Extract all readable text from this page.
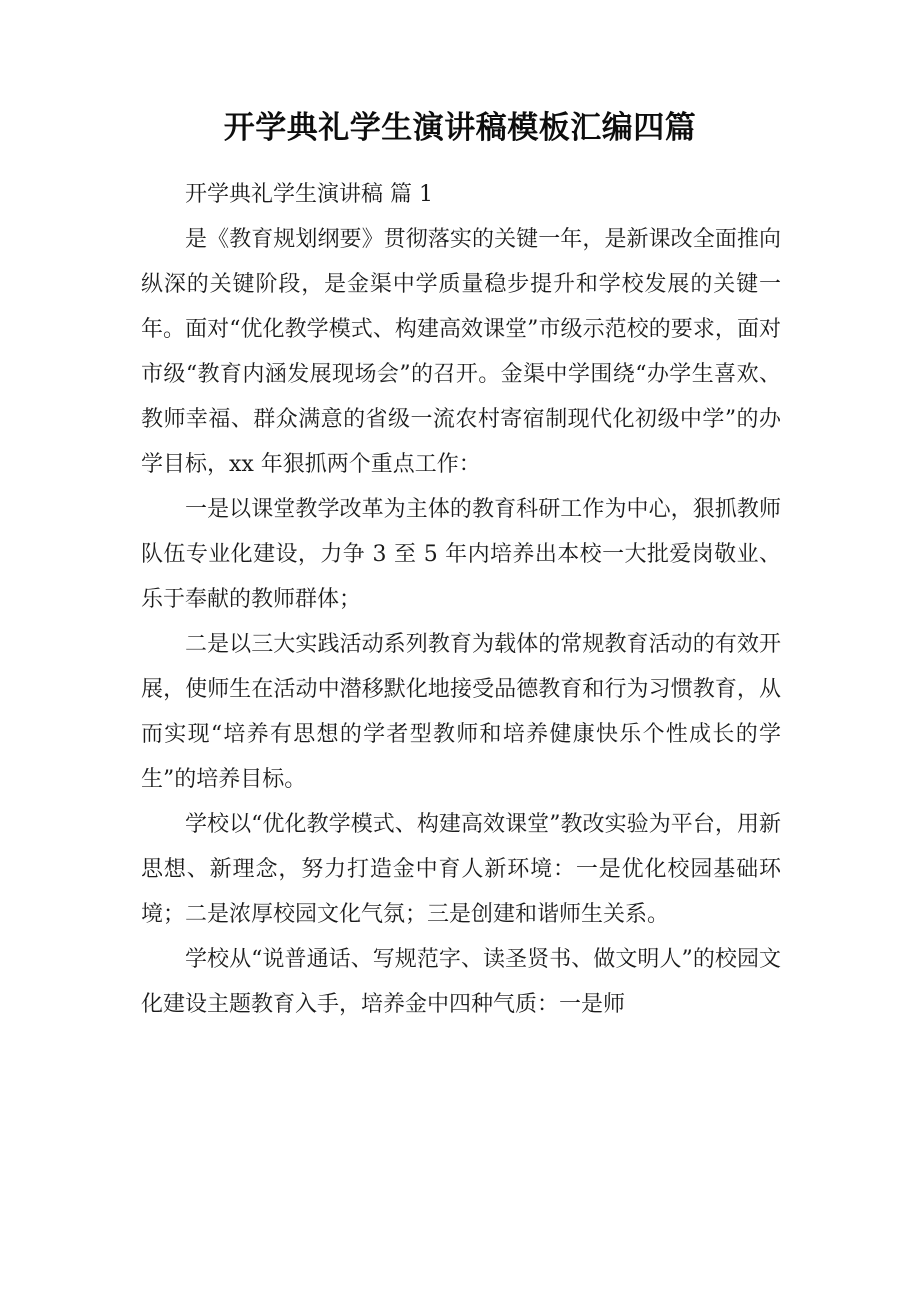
开学典礼学生演讲稿模板汇编四篇

开学典礼学生演讲稿 篇 1

是《教育规划纲要》贯彻落实的关键一年，是新课改全面推向纵深的关键阶段，是金渠中学质量稳步提升和学校发展的关键一年。面对“优化教学模式、构建高效课堂”市级示范校的要求，面对市级“教育内涵发展现场会”的召开。金渠中学围绕“办学生喜欢、教师幸福、群众满意的省级一流农村寄宿制现代化初级中学”的办学目标，xx 年狠抓两个重点工作：

一是以课堂教学改革为主体的教育科研工作为中心，狠抓教师队伍专业化建设，力争 3 至 5 年内培养出本校一大批爱岗敬业、乐于奉献的教师群体；

二是以三大实践活动系列教育为载体的常规教育活动的有效开展，使师生在活动中潜移默化地接受品德教育和行为习惯教育，从而实现“培养有思想的学者型教师和培养健康快乐个性成长的学生”的培养目标。

学校以“优化教学模式、构建高效课堂”教改实验为平台，用新思想、新理念，努力打造金中育人新环境：一是优化校园基础环境；二是浓厚校园文化气氛；三是创建和谐师生关系。

学校从“说普通话、写规范字、读圣贤书、做文明人”的校园文化建设主题教育入手，培养金中四种气质：一是师
